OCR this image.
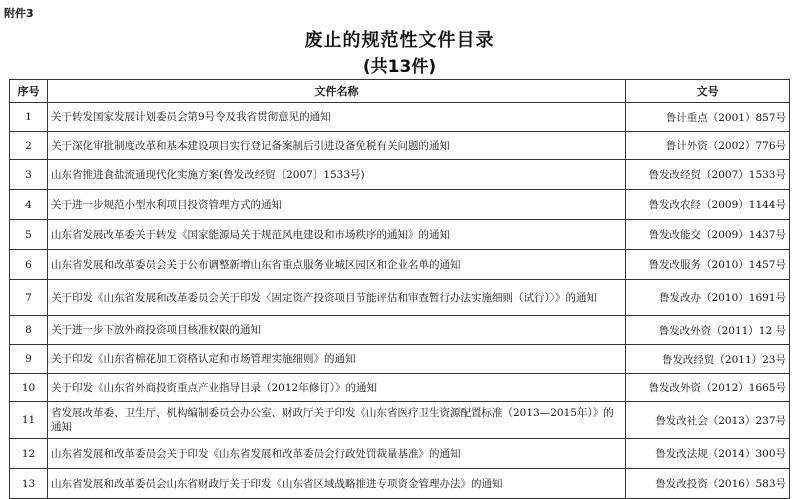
附件3
废止的规范性文件目录
(共13件)
序号	文件名称	文号
1	关于转发国家发展计划委员会第9号令及我省贯彻意见的通知	鲁计重点（2001）857号
2	关于深化审批制度改革和基本建设项目实行登记备案制后引进设备免税有关问题的通知	鲁计外资（2002）776号
3	山东省推进食盐流通现代化实施方案(鲁发改经贸〔2007〕1533号)	鲁发改经贸（2007）1533号
4	关于进一步规范小型水利项目投资管理方式的通知	鲁发改农经（2009）1144号
5	山东省发展改革委关于转发《国家能源局关于规范风电建设和市场秩序的通知》的通知	鲁发改能交（2009）1437号
6	山东省发展和改革委员会关于公布调整新增山东省重点服务业城区园区和企业名单的通知	鲁发改服务（2010）1457号
7	关于印发《山东省发展和改革委员会关于印发〈固定资产投资项目节能评估和审查暂行办法实施细则（试行）〉》的通知	鲁发改办（2010）1691号
8	关于进一步下放外商投资项目核准权限的通知	鲁发改外资（2011）12 号
9	关于印发《山东省棉花加工资格认定和市场管理实施细则》的通知	鲁发改经贸（2011）23号
10	关于印发《山东省外商投资重点产业指导目录（2012年修订）》的通知	鲁发改外资（2012）1665号
11	省发展改革委、卫生厅、机构编制委员会办公室、财政厅关于印发《山东省医疗卫生资源配置标准（2013—2015年）》的通知	鲁发改社会（2013）237号
12	山东省发展和改革委员会关于印发《山东省发展和改革委员会行政处罚裁量基准》的通知	鲁发改法规（2014）300号
13	山东省发展和改革委员会山东省财政厅关于印发《山东省区域战略推进专项资金管理办法》的通知	鲁发改投资（2016）583号
